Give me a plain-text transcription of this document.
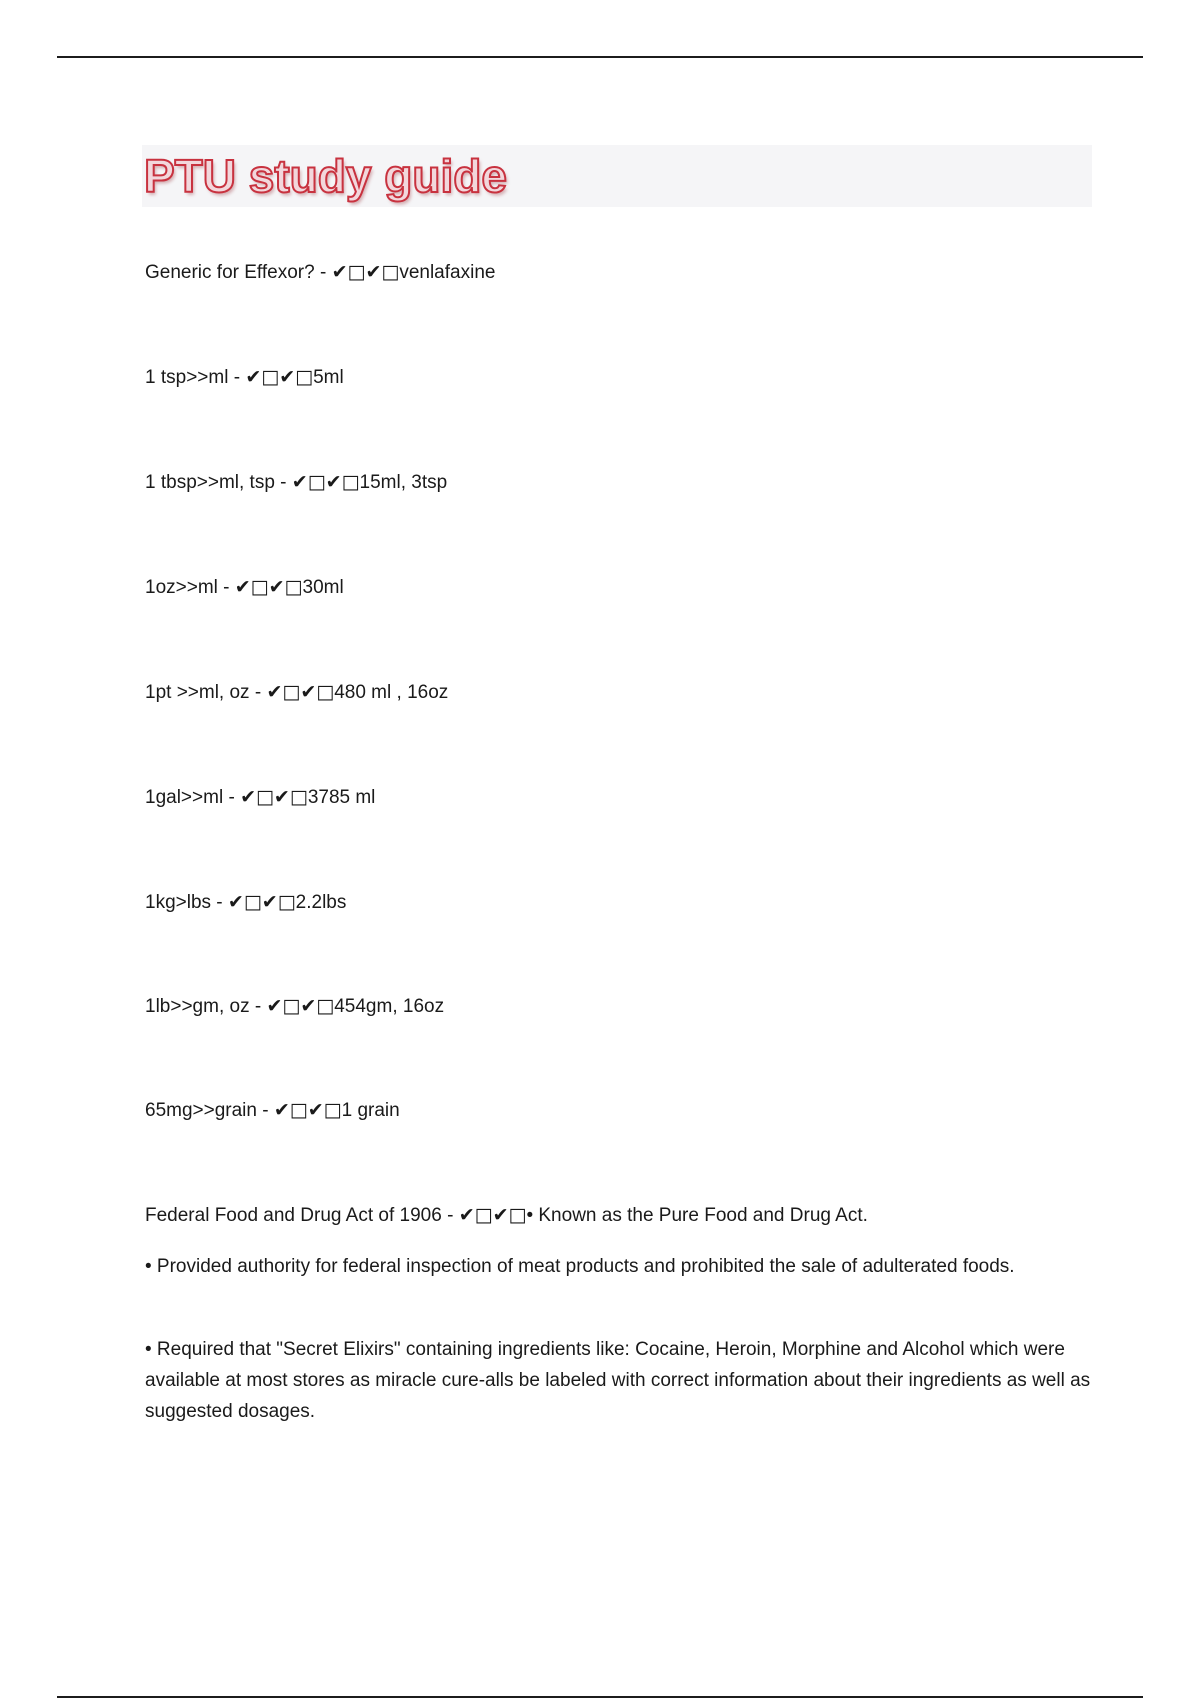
PTU study guide
Generic for Effexor? - ✔□✔□venlafaxine
1 tsp>>ml - ✔□✔□5ml
1 tbsp>>ml, tsp - ✔□✔□15ml, 3tsp
1oz>>ml - ✔□✔□30ml
1pt >>ml, oz - ✔□✔□480 ml , 16oz
1gal>>ml - ✔□✔□3785 ml
1kg>lbs - ✔□✔□2.2lbs
1lb>>gm, oz - ✔□✔□454gm, 16oz
65mg>>grain - ✔□✔□1 grain
Federal Food and Drug Act of 1906 - ✔□✔□• Known as the Pure Food and Drug Act.

• Provided authority for federal inspection of meat products and prohibited the sale of adulterated foods.

• Required that "Secret Elixirs" containing ingredients like: Cocaine, Heroin, Morphine and Alcohol which were available at most stores as miracle cure-alls be labeled with correct information about their ingredients as well as suggested dosages.
